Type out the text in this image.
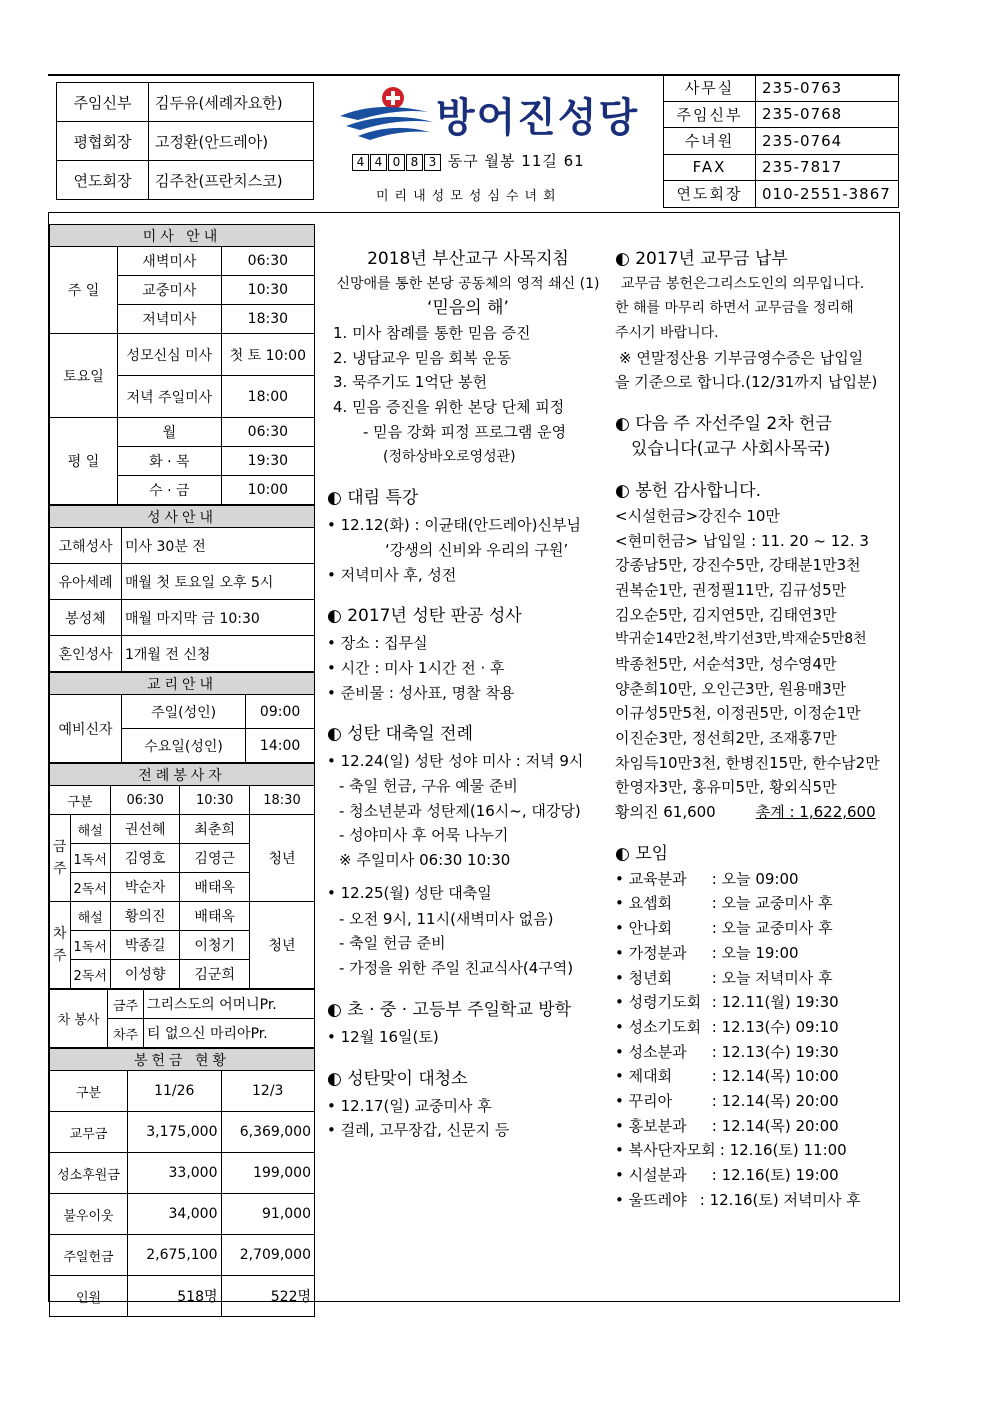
주임신부	김두유(세례자요한)
평협회장	고정환(안드레아)
연도회장	김주찬(프란치스코)
방어진성당
4 4 0 8 3 동구 월봉 11길 61
미리내성모성심수녀회
사무실	235-0763
주임신부	235-0768
수녀원	235-0764
FAX	235-7817
연도회장	010-2551-3867
미사 안내		
주 일	새벽미사	06:30
	교중미사	10:30
	저녁미사	18:30
토요일	성모신심 미사	첫 토 10:00
	저녁 주일미사	18:00
평 일	월	06:30
	화 · 목	19:30
	수 · 금	10:00
성사안내	
고해성사	미사 30분 전
유아세례	매월 첫 토요일 오후 5시
봉성체	매월 마지막 금 10:30
혼인성사	1개월 전 신청
교리안내		
예비신자	주일(성인)	09:00
	수요일(성인)	14:00
전례봉사자				
구분		06:30	10:30	18:30
금주	해설	권선혜	최춘희	청년
	1독서	김영호	김영근	
	2독서	박순자	배태옥	
차주	해설	황의진	배태옥	청년
	1독서	박종길	이청기	
	2독서	이성향	김군희	
차 봉사	금주	그리스도의 어머니Pr.
	차주	티 없으신 마리아Pr.
봉헌금 현황		
구분	11/26	12/3
교무금	3,175,000	6,369,000
성소후원금	33,000	199,000
불우이웃	34,000	91,000
주일헌금	2,675,100	2,709,000
인원	518명	522명
2018년 부산교구 사목지침
신망애를 통한 본당 공동체의 영적 쇄신 (1)
‘믿음의 해’
1. 미사 참례를 통한 믿음 증진
2. 냉담교우 믿음 회복 운동
3. 묵주기도 1억단 봉헌
4. 믿음 증진을 위한 본당 단체 피정
- 믿음 강화 피정 프로그램 운영
(정하상바오로영성관)
◐ 대림 특강
• 12.12(화) : 이균태(안드레아)신부님
‘강생의 신비와 우리의 구원’
• 저녁미사 후, 성전
◐ 2017년 성탄 판공 성사
• 장소 : 집무실
• 시간 : 미사 1시간 전 · 후
• 준비물 : 성사표, 명찰 착용
◐ 성탄 대축일 전례
• 12.24(일) 성탄 성야 미사 : 저녁 9시
- 축일 헌금, 구유 예물 준비
- 청소년분과 성탄제(16시~, 대강당)
- 성야미사 후 어묵 나누기
※ 주일미사 06:30 10:30
• 12.25(월) 성탄 대축일
- 오전 9시, 11시(새벽미사 없음)
- 축일 헌금 준비
- 가정을 위한 주일 친교식사(4구역)
◐ 초 · 중 · 고등부 주일학교 방학
• 12월 16일(토)
◐ 성탄맞이 대청소
• 12.17(일) 교중미사 후
• 걸레, 고무장갑, 신문지 등
◐ 2017년 교무금 납부
교무금 봉헌은그리스도인의 의무입니다.
한 해를 마무리 하면서 교무금을 정리해
주시기 바랍니다.
※ 연말정산용 기부금영수증은 납입일
을 기준으로 합니다.(12/31까지 납입분)
◐ 다음 주 자선주일 2차 헌금
있습니다(교구 사회사목국)
◐ 봉헌 감사합니다.
<시설헌금>강진수 10만
<현미헌금> 납입일 : 11. 20 ~ 12. 3
강종남5만, 강진수5만, 강태분1만3천
권복순1만, 권정필11만, 김규성5만
김오순5만, 김지연5만, 김태연3만
박귀순14만2천,박기선3만,박재순5만8천
박종천5만, 서순석3만, 성수영4만
양춘희10만, 오인근3만, 원용매3만
이규성5만5천, 이정권5만, 이정순1만
이진순3만, 정선희2만, 조재홍7만
차임득10만3천, 한병진15만, 한수남2만
한영자3만, 홍유미5만, 황외식5만
황의진 61,600	총계 : 1,622,600
◐ 모임
• 교육분과 : 오늘 09:00
• 요셉회 : 오늘 교중미사 후
• 안나회 : 오늘 교중미사 후
• 가정분과 : 오늘 19:00
• 청년회 : 오늘 저녁미사 후
• 성령기도회 : 12.11(월) 19:30
• 성소기도회 : 12.13(수) 09:10
• 성소분과 : 12.13(수) 19:30
• 제대회 : 12.14(목) 10:00
• 꾸리아 : 12.14(목) 20:00
• 홍보분과 : 12.14(목) 20:00
• 복사단자모회 : 12.16(토) 11:00
• 시설분과 : 12.16(토) 19:00
• 울뜨레야 : 12.16(토) 저녁미사 후
